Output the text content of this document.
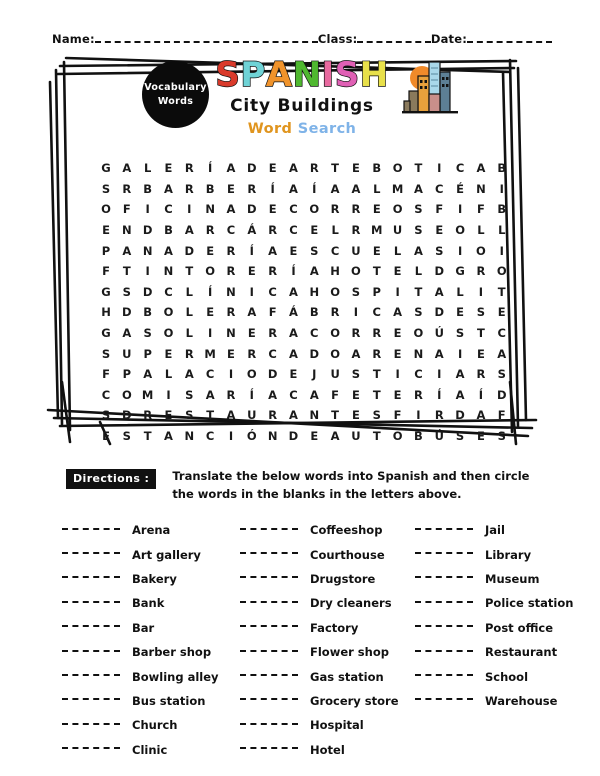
Name:	Class:	Date:
Vocabulary
Words
S P A N I S H
City Buildings
Word Search
G	A	L	E	R	Í	A	D	E	A	R	T	E	B	O	T	I	C	A	B
S	R	B	A	R	B	E	R	Í	A	Í	A	A	L M A	C	É	N	I
O	F	I	C	I	N	A	D	E	C	O	R	R	E	O	S	F	I	F	B
E	N D	B	A	R	C	Á	R	C	E	L	R M U	S	E	O	L	L
P	A	N	A	D	E	R	Í	A	E	S	C	U	E	L	A	S	I	O	I
F	T	I	N	T	O	R	E	R	Í	A	H O	T	E	L	D G	R	O
G	S	D	C	L	Í	N	I	C	A	H O	S	P	I	T	A	L	I	T
H D	B	O	L	E	R	A	F	Á	B	R	I	C	A	S	D	E	S	E
G	A	S	O	L	I	N	E	R	A	C	O	R	R	E	O Ú	S	T	C
S	U	P	E	R M E	R	C	A	D O A	R	E	N	A	I	E	A
F	P	A	L	A	C	I	O D	E	J	U	S	T	I	C	I	A	R	S
C	O M	I	S	A	R	Í	A	C	A	F	E	T	E	R	Í	A	Í	D
S	D	R	E	S	T	A	U	R	A	N	T	E	S	F	I	R	D	A	F
E	S	T	A	N	C	I	Ó N D	E	A	U	T	O	B	Ú	S	E	S
Directions :	Translate the below words into Spanish and then circle the words in the blanks in the letters above.
Arena
Art gallery
Bakery
Bank
Bar
Barber shop
Bowling alley
Bus station
Church
Clinic
Coffeeshop
Courthouse
Drugstore
Dry cleaners
Factory
Flower shop
Gas station
Grocery store
Hospital
Hotel
Jail
Library
Museum
Police station
Post office
Restaurant
School
Warehouse
